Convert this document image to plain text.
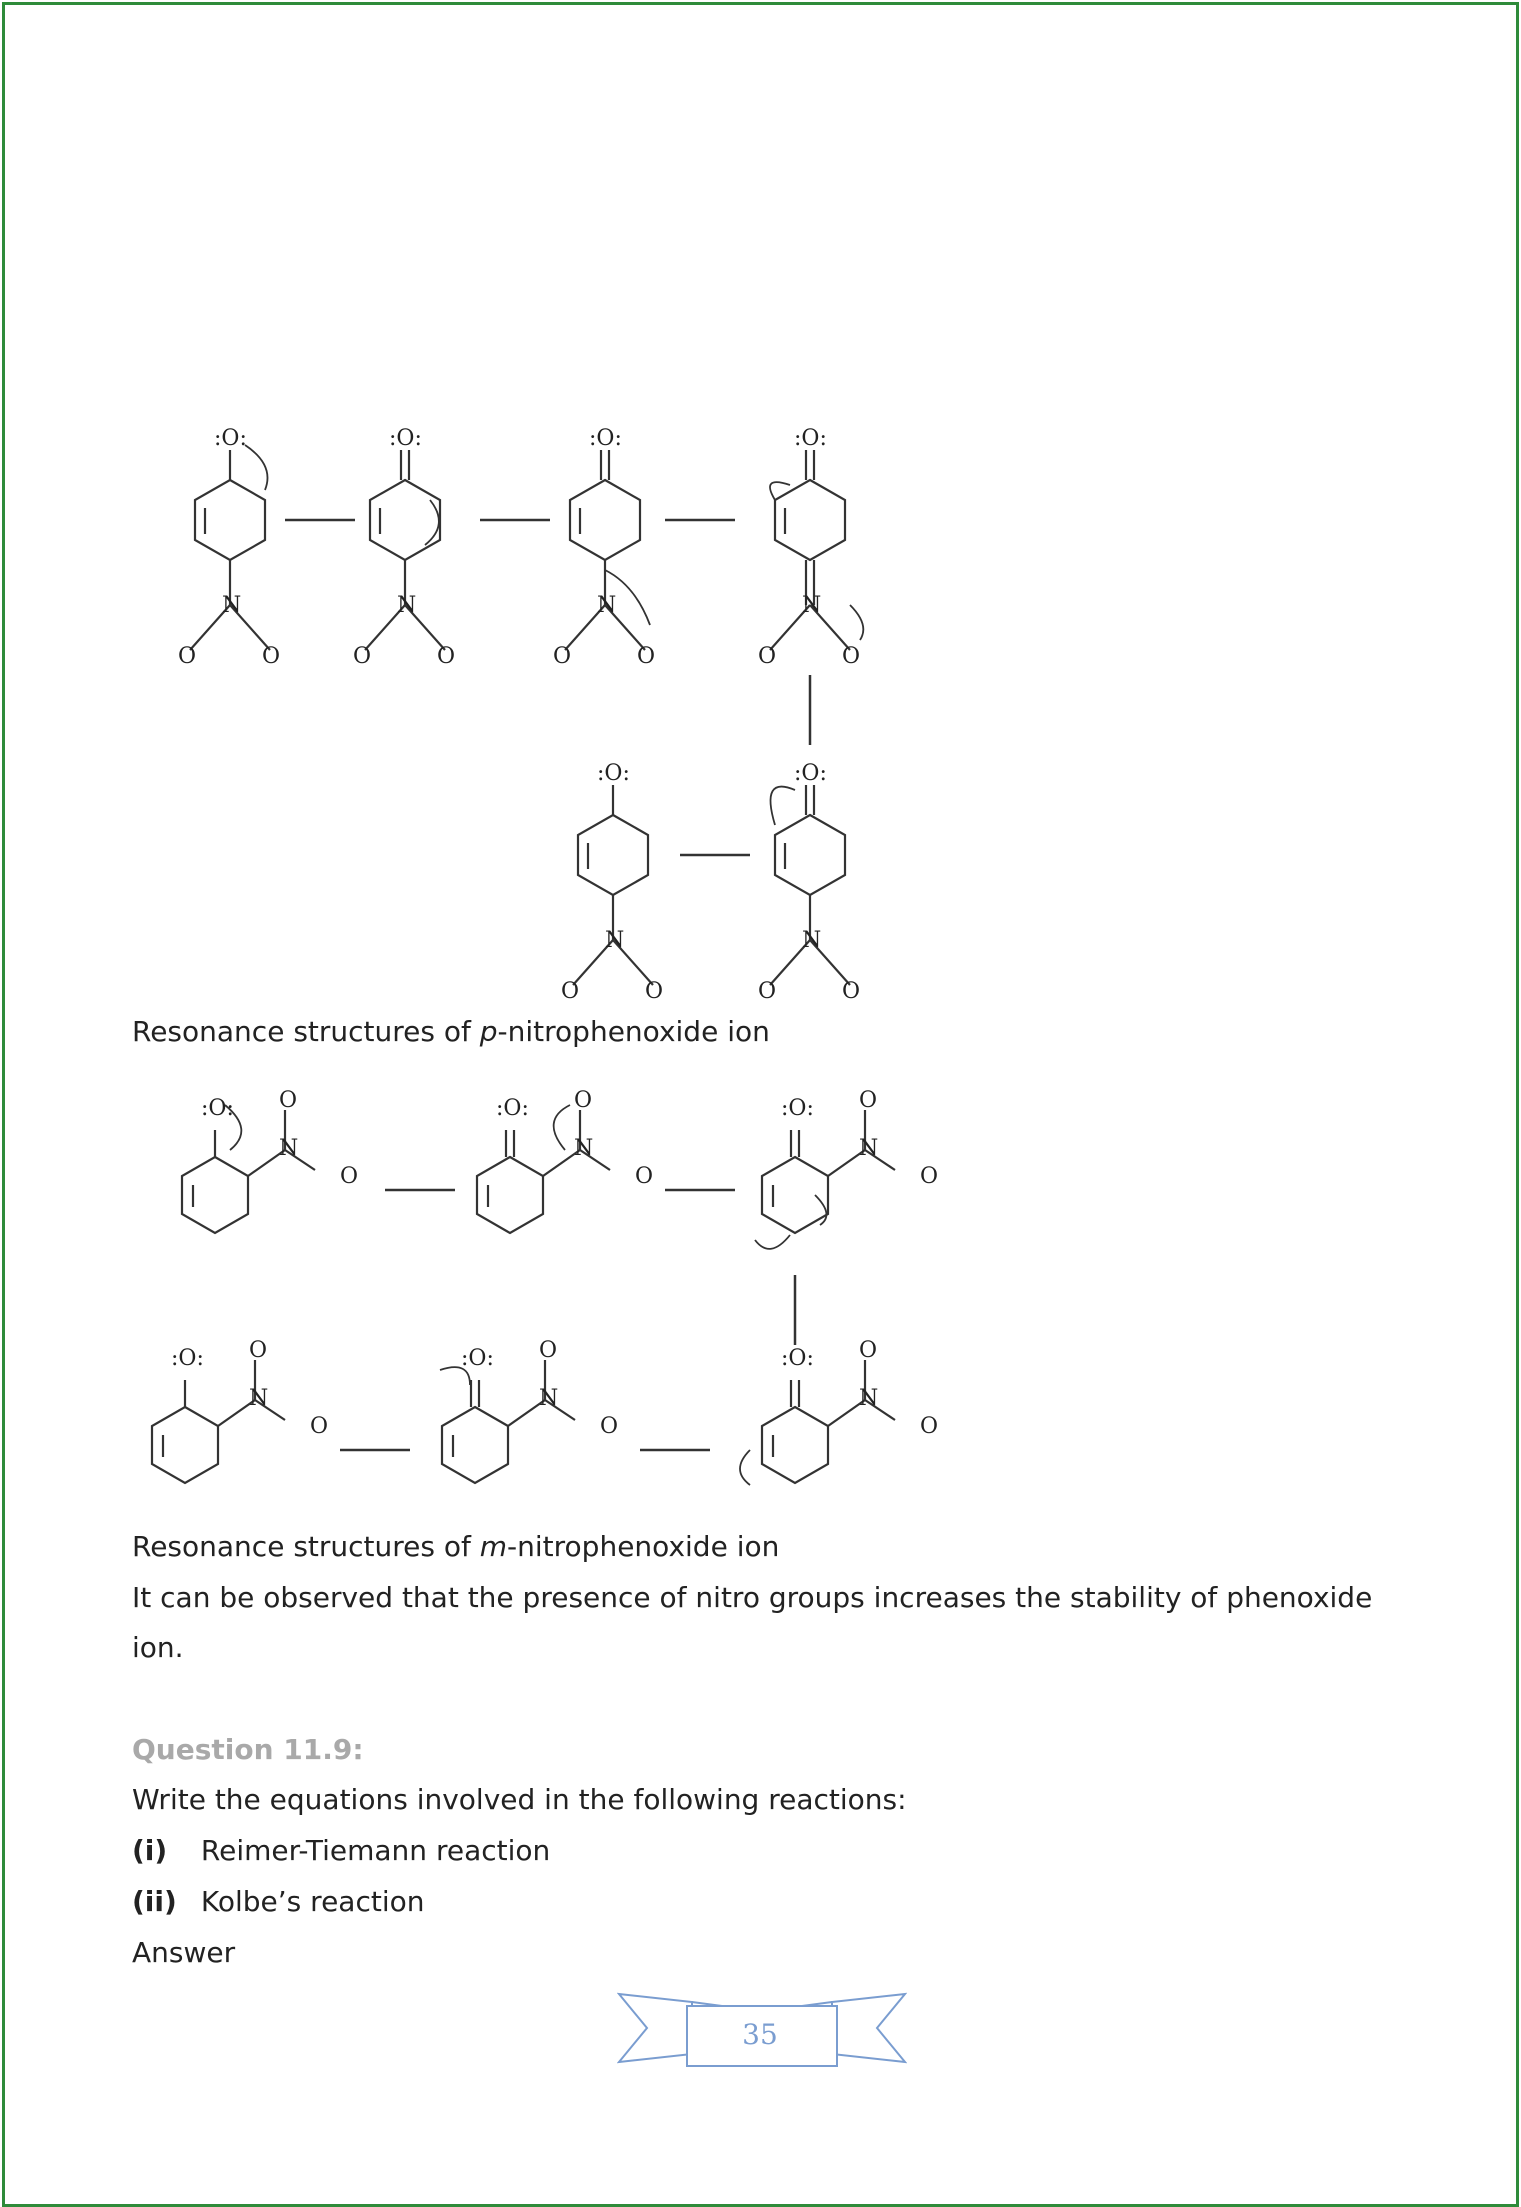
:O:	:O:	:O:	:O:
:O:	:O:
N	N	N	N
N	N
O	O	O	O	O	O	O	O
O	O	O	O
Resonance structures of p-nitrophenoxide ion
:O:	:O:	:O:
:O:	:O:	:O:
N	N	N
N	N	N
O
O
O
O
O
O
O
O
O
O
O
O
Resonance structures of m-nitrophenoxide ion
It can be observed that the presence of nitro groups increases the stability of phenoxide ion.
Question 11.9:
Write the equations involved in the following reactions:
(i) Reimer-Tiemann reaction
(ii) Kolbe’s reaction
Answer
35
